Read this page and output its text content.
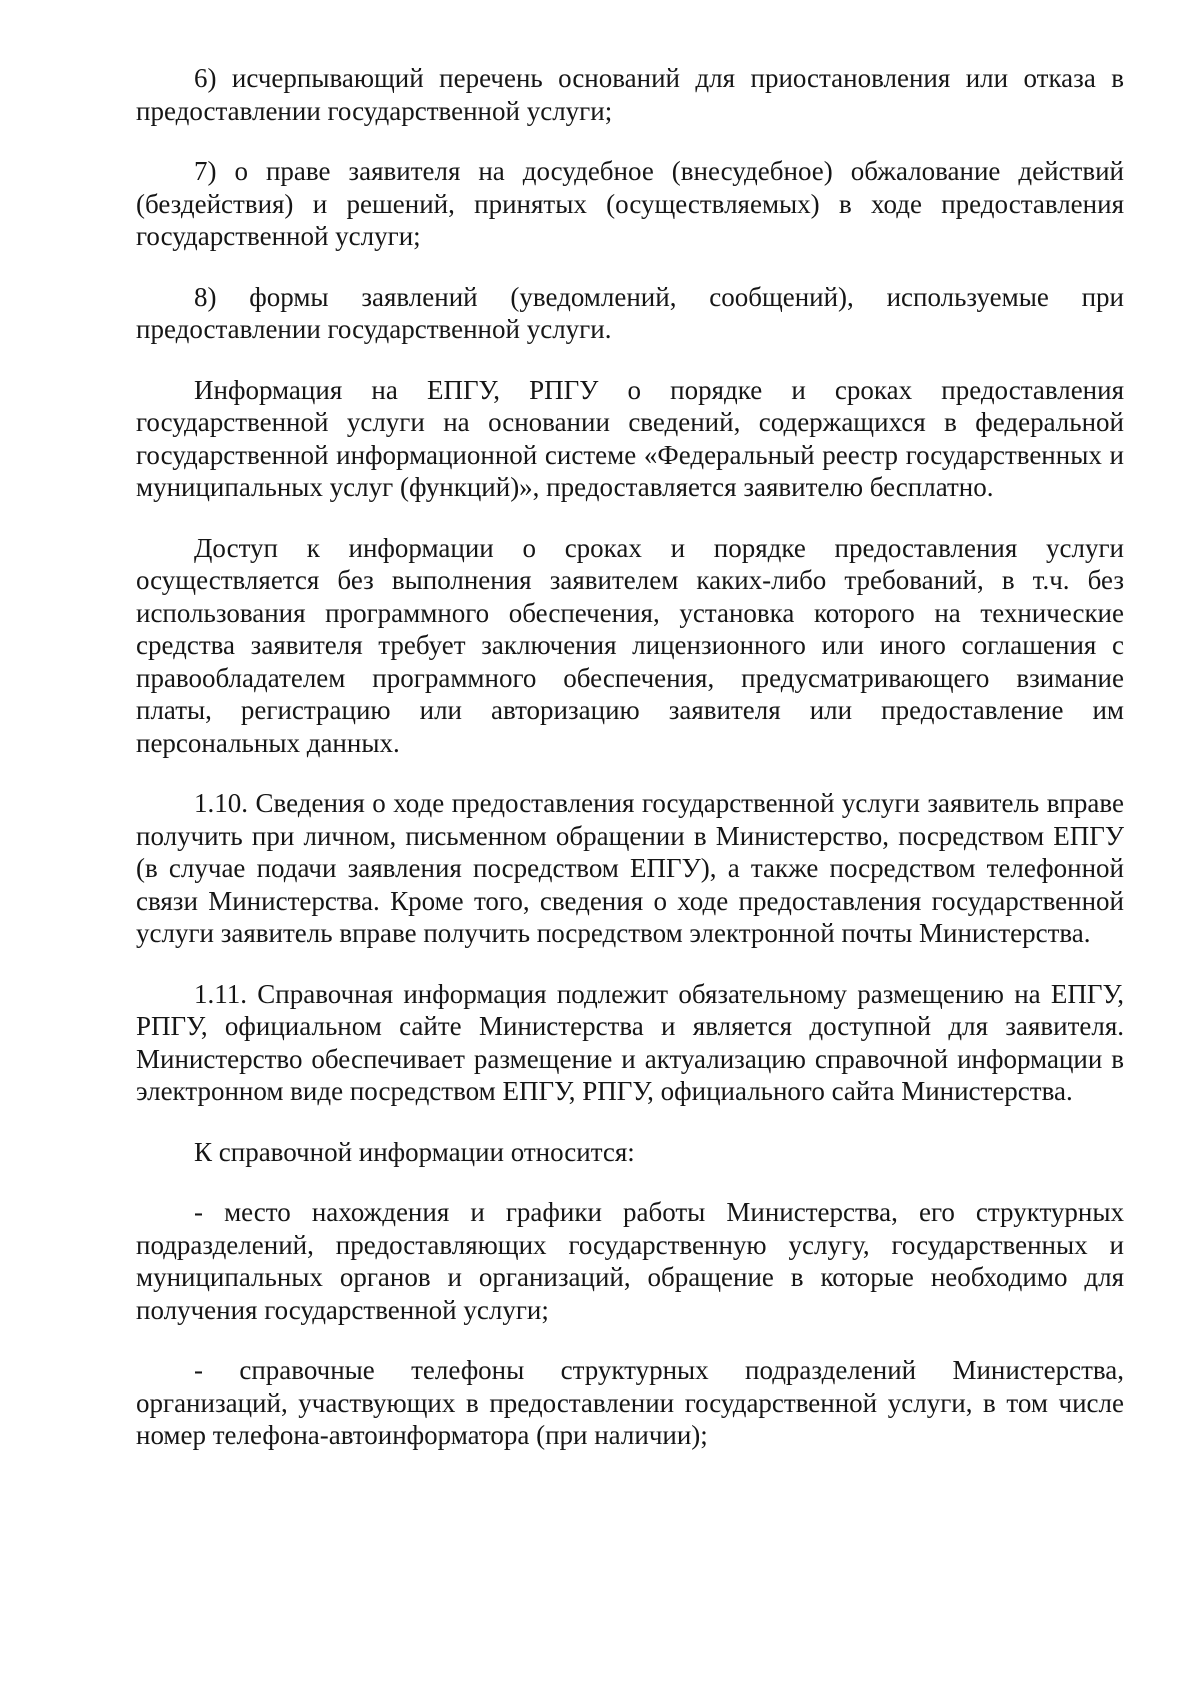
6) исчерпывающий перечень оснований для приостановления или отказа в предоставлении государственной услуги;

7) о праве заявителя на досудебное (внесудебное) обжалование действий (бездействия) и решений, принятых (осуществляемых) в ходе предоставления государственной услуги;

8) формы заявлений (уведомлений, сообщений), используемые при предоставлении государственной услуги.

Информация на ЕПГУ, РПГУ о порядке и сроках предоставления государственной услуги на основании сведений, содержащихся в федеральной государственной информационной системе «Федеральный реестр государственных и муниципальных услуг (функций)», предоставляется заявителю бесплатно.

Доступ к информации о сроках и порядке предоставления услуги осуществляется без выполнения заявителем каких-либо требований, в т.ч. без использования программного обеспечения, установка которого на технические средства заявителя требует заключения лицензионного или иного соглашения с правообладателем программного обеспечения, предусматривающего взимание платы, регистрацию или авторизацию заявителя или предоставление им персональных данных.

1.10. Сведения о ходе предоставления государственной услуги заявитель вправе получить при личном, письменном обращении в Министерство, посредством ЕПГУ (в случае подачи заявления посредством ЕПГУ), а также посредством телефонной связи Министерства. Кроме того, сведения о ходе предоставления государственной услуги заявитель вправе получить посредством электронной почты Министерства.

1.11. Справочная информация подлежит обязательному размещению на ЕПГУ, РПГУ, официальном сайте Министерства и является доступной для заявителя. Министерство обеспечивает размещение и актуализацию справочной информации в электронном виде посредством ЕПГУ, РПГУ, официального сайта Министерства.

К справочной информации относится:

- место нахождения и графики работы Министерства, его структурных подразделений, предоставляющих государственную услугу, государственных и муниципальных органов и организаций, обращение в которые необходимо для получения государственной услуги;

- справочные телефоны структурных подразделений Министерства, организаций, участвующих в предоставлении государственной услуги, в том числе номер телефона-автоинформатора (при наличии);
